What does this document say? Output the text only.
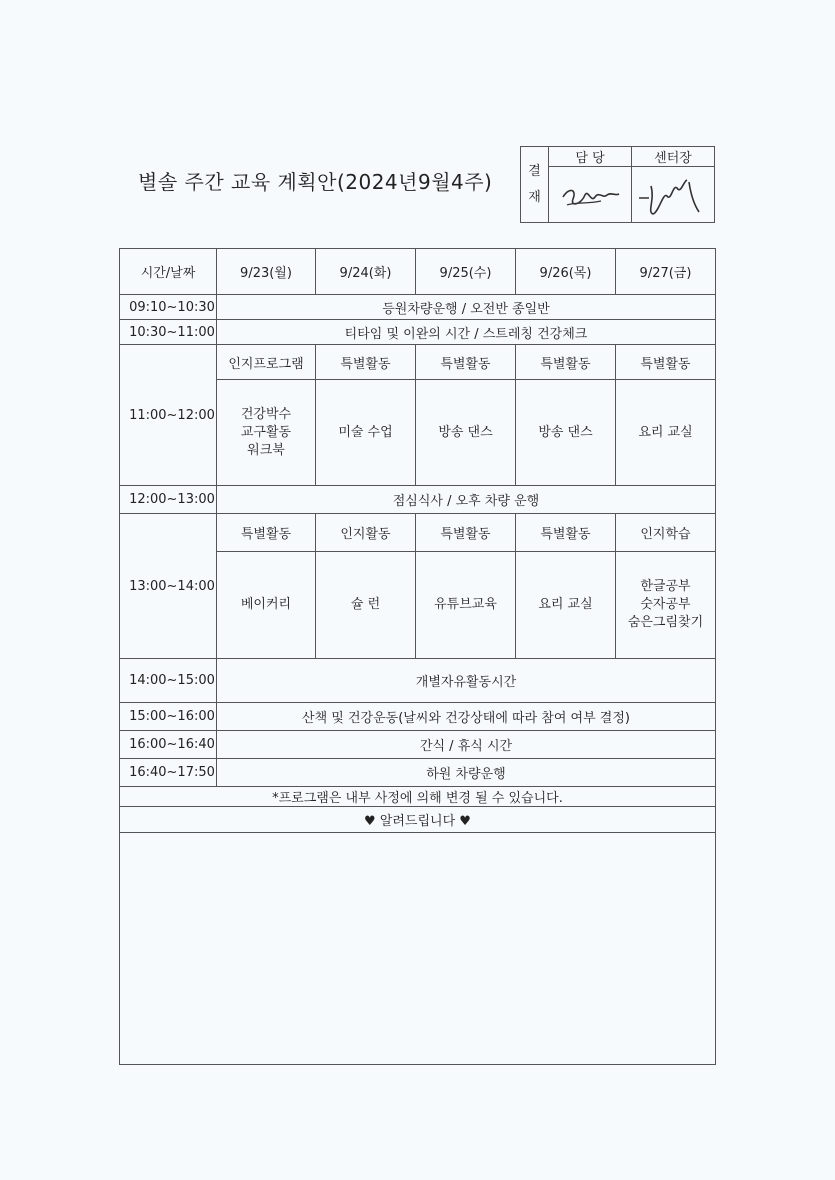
별솔 주간 교육 계획안(2024년9월4주)	결
재	담 당	센터장

시간/날짜	9/23(월)	9/24(화)	9/25(수)	9/26(목)	9/27(금)
09:10~10:30	등원차량운행 / 오전반 종일반				
10:30~11:00	티타임 및 이완의 시간 / 스트레칭 건강체크				
11:00~12:00	인지프로그램	특별활동	특별활동	특별활동	특별활동

	건강박수
교구활동
워크북	미술 수업	방송 댄스	방송 댄스	요리 교실

12:00~13:00	점심식사 / 오후 차량 운행				
13:00~14:00	특별활동	인지활동	특별활동	특별활동	인지학습

	베이커리	슐 런	유튜브교육	요리 교실	한글공부
숫자공부
숨은그림찾기

14:00~15:00	개별자유활동시간				
15:00~16:00	산책 및 건강운동(날씨와 건강상태에 따라 참여 여부 결정)				
16:00~16:40	간식 / 휴식 시간				
16:40~17:50	하원 차량운행				
*프로그램은 내부 사정에 의해 변경 될 수 있습니다.					
♥ 알려드립니다 ♥					
